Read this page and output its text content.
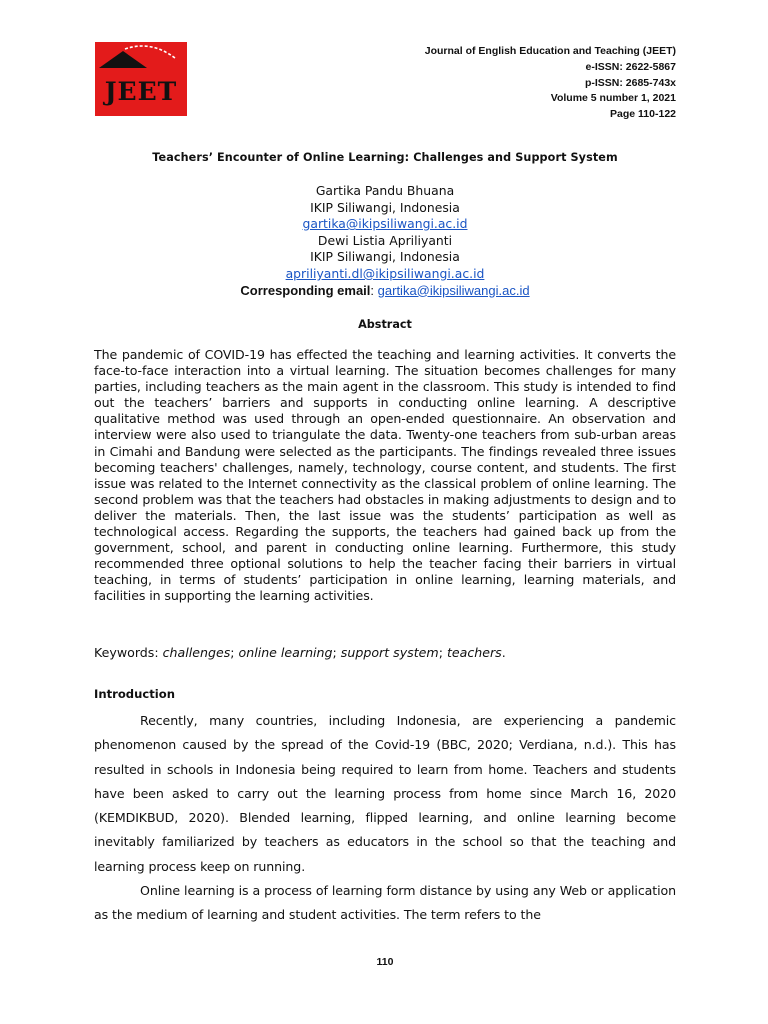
JEET
Journal of English Education and Teaching (JEET)
e-ISSN: 2622-5867
p-ISSN: 2685-743x
Volume 5 number 1, 2021
Page 110-122
Teachers’ Encounter of Online Learning: Challenges and Support System
Gartika Pandu Bhuana
IKIP Siliwangi, Indonesia
gartika@ikipsiliwangi.ac.id
Dewi Listia Apriliyanti
IKIP Siliwangi, Indonesia
apriliyanti.dl@ikipsiliwangi.ac.id
Corresponding email: gartika@ikipsiliwangi.ac.id
Abstract
The pandemic of COVID-19 has effected the teaching and learning activities. It converts the face-to-face interaction into a virtual learning. The situation becomes challenges for many parties, including teachers as the main agent in the classroom. This study is intended to find out the teachers’ barriers and supports in conducting online learning. A descriptive qualitative method was used through an open-ended questionnaire. An observation and interview were also used to triangulate the data. Twenty-one teachers from sub-urban areas in Cimahi and Bandung were selected as the participants. The findings revealed three issues becoming teachers' challenges, namely, technology, course content, and students. The first issue was related to the Internet connectivity as the classical problem of online learning. The second problem was that the teachers had obstacles in making adjustments to design and to deliver the materials. Then, the last issue was the students’ participation as well as technological access. Regarding the supports, the teachers had gained back up from the government, school, and parent in conducting online learning. Furthermore, this study recommended three optional solutions to help the teacher facing their barriers in virtual teaching, in terms of students’ participation in online learning, learning materials, and facilities in supporting the learning activities.
Keywords: challenges; online learning; support system; teachers.
Introduction

Recently, many countries, including Indonesia, are experiencing a pandemic phenomenon caused by the spread of the Covid-19 (BBC, 2020; Verdiana, n.d.). This has resulted in schools in Indonesia being required to learn from home. Teachers and students have been asked to carry out the learning process from home since March 16, 2020 (KEMDIKBUD, 2020). Blended learning, flipped learning, and online learning become inevitably familiarized by teachers as educators in the school so that the teaching and learning process keep on running.

Online learning is a process of learning form distance by using any Web or application as the medium of learning and student activities. The term refers to the

110
